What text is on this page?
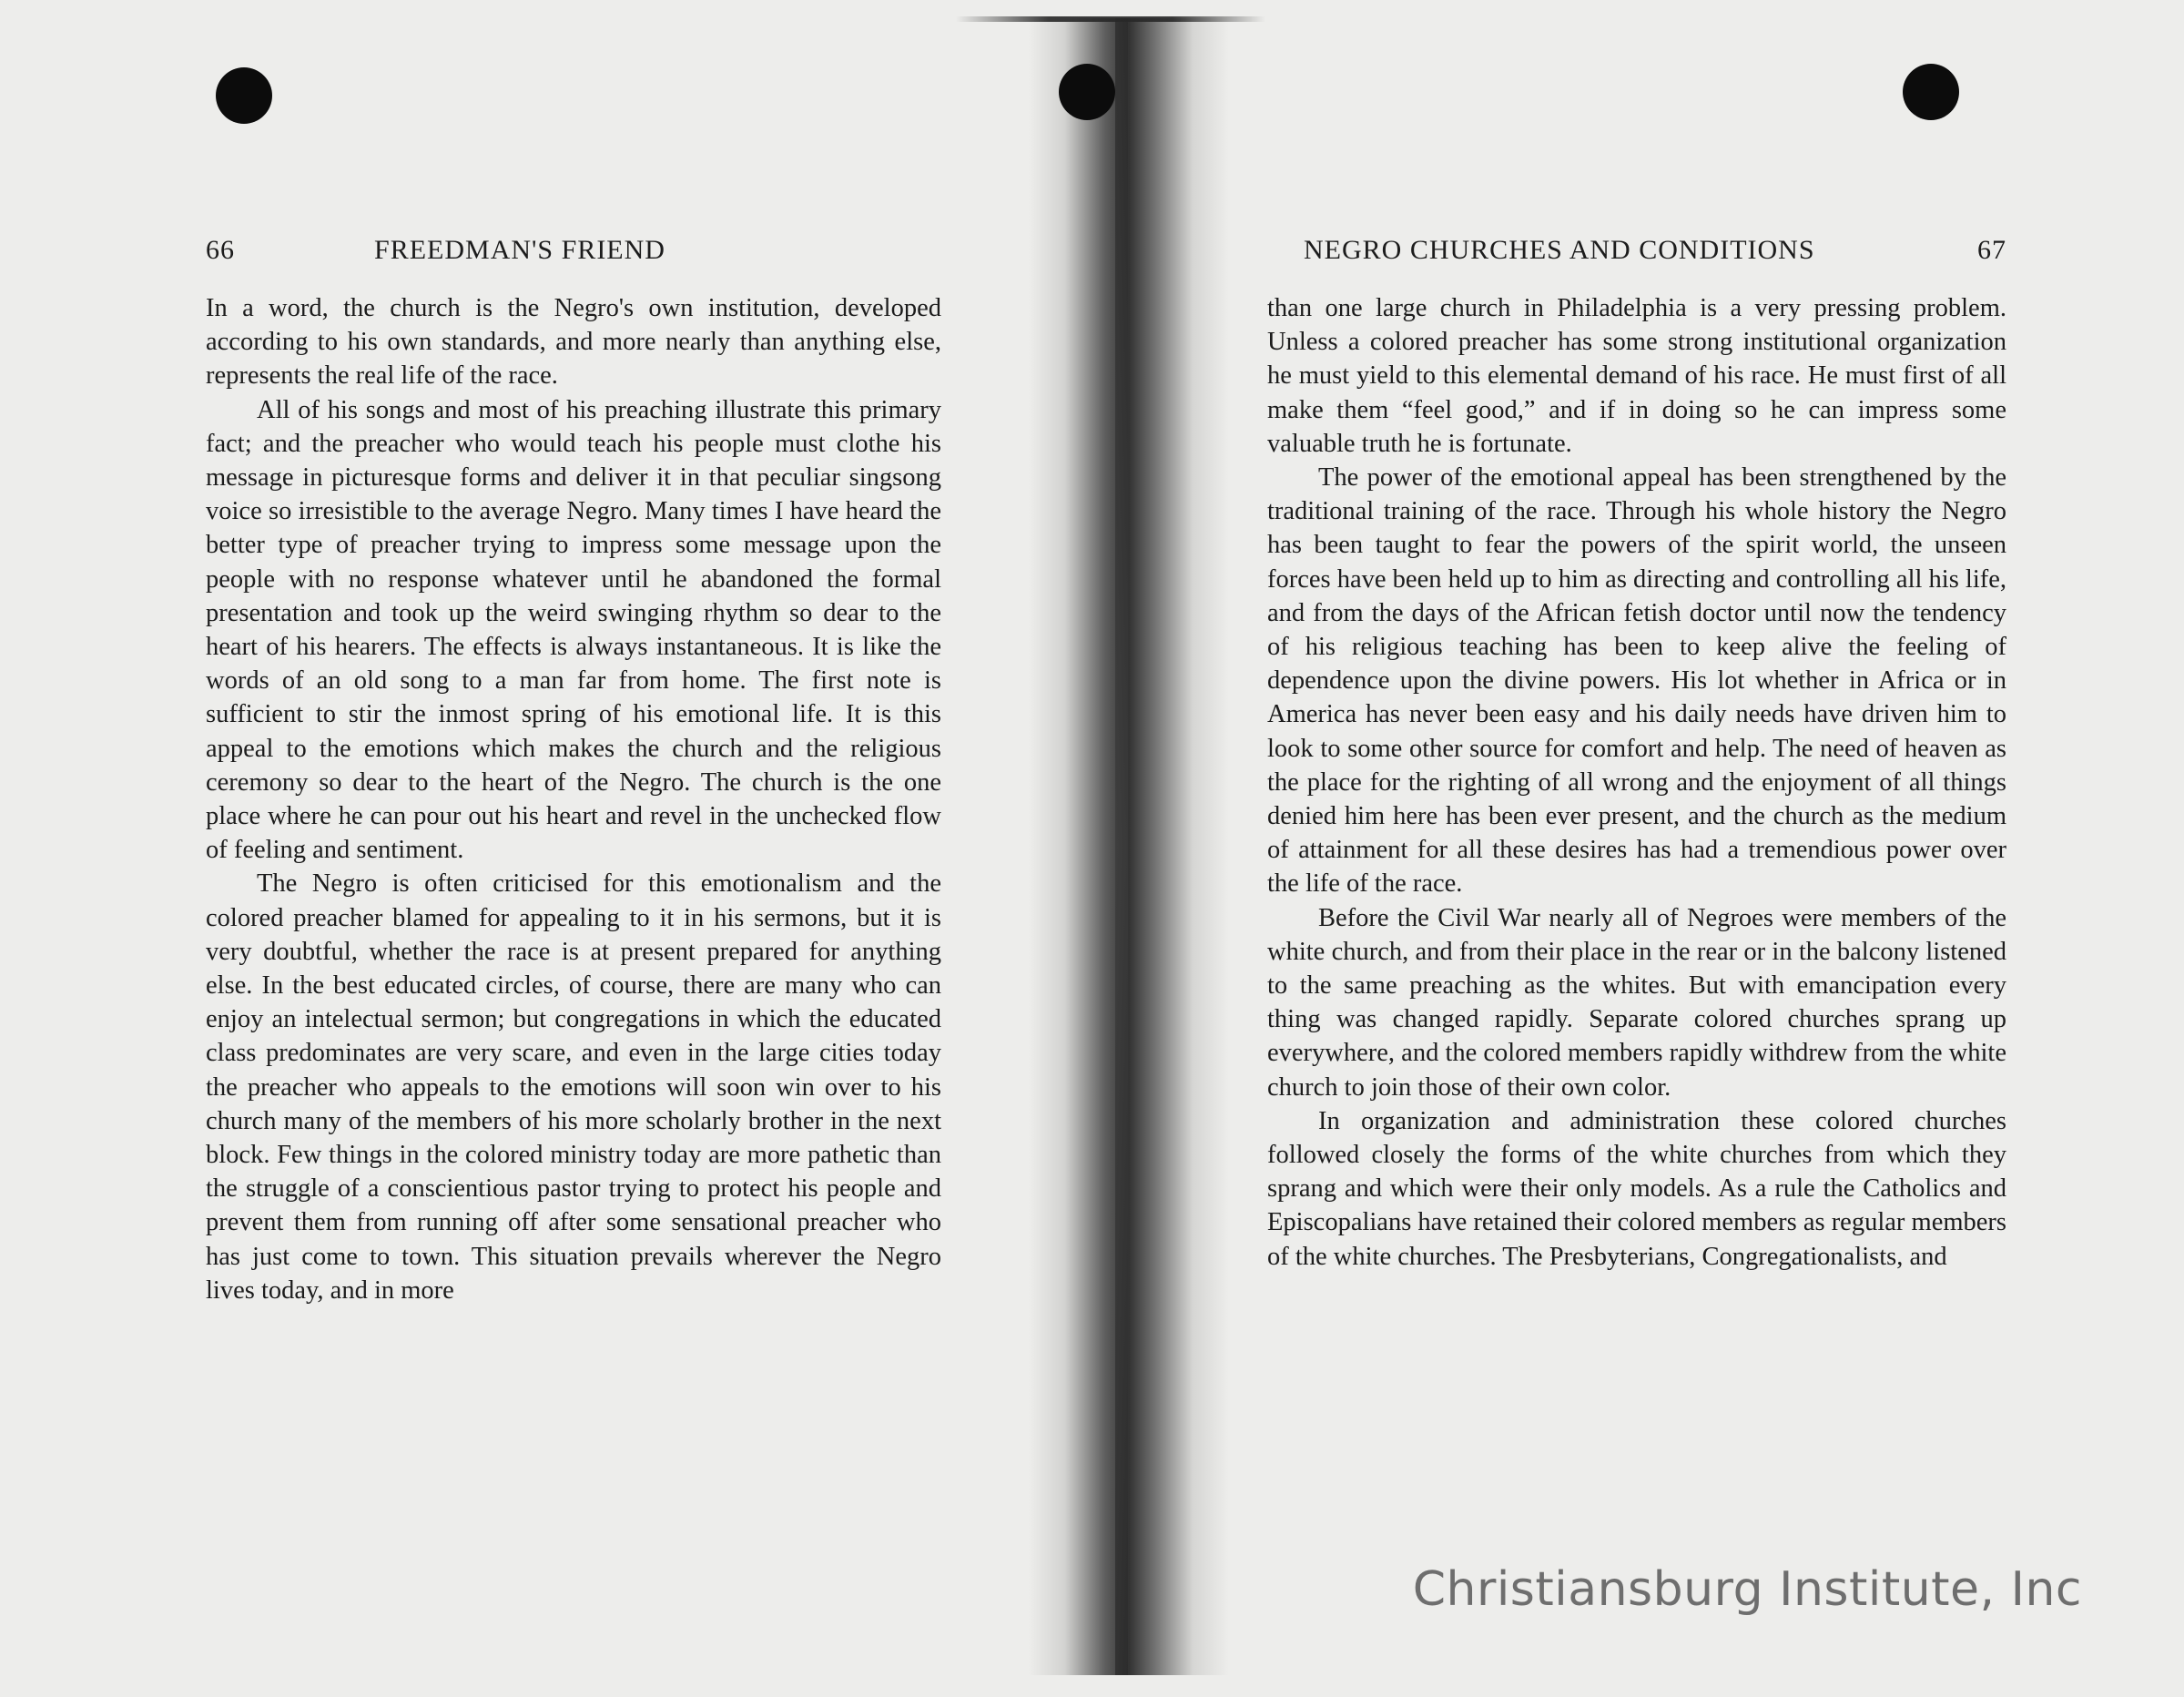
66	FREEDMAN'S FRIEND

In a word, the church is the Negro's own institution, developed according to his own standards, and more nearly than anything else, represents the real life of the race.

All of his songs and most of his preaching illustrate this primary fact; and the preacher who would teach his people must clothe his message in picturesque forms and deliver it in that peculiar singsong voice so irresistible to the average Negro. Many times I have heard the better type of preacher trying to impress some message upon the people with no response whatever until he abandoned the formal presentation and took up the weird swinging rhythm so dear to the heart of his hearers. The effects is always instantaneous. It is like the words of an old song to a man far from home. The first note is sufficient to stir the inmost spring of his emotional life. It is this appeal to the emotions which makes the church and the religious ceremony so dear to the heart of the Negro. The church is the one place where he can pour out his heart and revel in the unchecked flow of feeling and sentiment.

The Negro is often criticised for this emotionalism and the colored preacher blamed for appealing to it in his sermons, but it is very doubtful, whether the race is at present prepared for anything else. In the best educated circles, of course, there are many who can enjoy an intelectual sermon; but congregations in which the educated class predominates are very scare, and even in the large cities today the preacher who appeals to the emotions will soon win over to his church many of the members of his more scholarly brother in the next block. Few things in the colored ministry today are more pathetic than the struggle of a conscientious pastor trying to protect his people and prevent them from running off after some sensational preacher who has just come to town. This situation prevails wherever the Negro lives today, and in more

NEGRO CHURCHES AND CONDITIONS	67

than one large church in Philadelphia is a very pressing problem. Unless a colored preacher has some strong institutional organization he must yield to this elemental demand of his race. He must first of all make them “feel good,” and if in doing so he can impress some valuable truth he is fortunate.

The power of the emotional appeal has been strengthened by the traditional training of the race. Through his whole history the Negro has been taught to fear the powers of the spirit world, the unseen forces have been held up to him as directing and controlling all his life, and from the days of the African fetish doctor until now the tendency of his religious teaching has been to keep alive the feeling of dependence upon the divine powers. His lot whether in Africa or in America has never been easy and his daily needs have driven him to look to some other source for comfort and help. The need of heaven as the place for the righting of all wrong and the enjoyment of all things denied him here has been ever present, and the church as the medium of attainment for all these desires has had a tremendious power over the life of the race.

Before the Civil War nearly all of Negroes were members of the white church, and from their place in the rear or in the balcony listened to the same preaching as the whites. But with emancipation every thing was changed rapidly. Separate colored churches sprang up everywhere, and the colored members rapidly withdrew from the white church to join those of their own color.

In organization and administration these colored churches followed closely the forms of the white churches from which they sprang and which were their only models. As a rule the Catholics and Episcopalians have retained their colored members as regular members of the white churches. The Presbyterians, Congregationalists, and

Christiansburg Institute, Inc
